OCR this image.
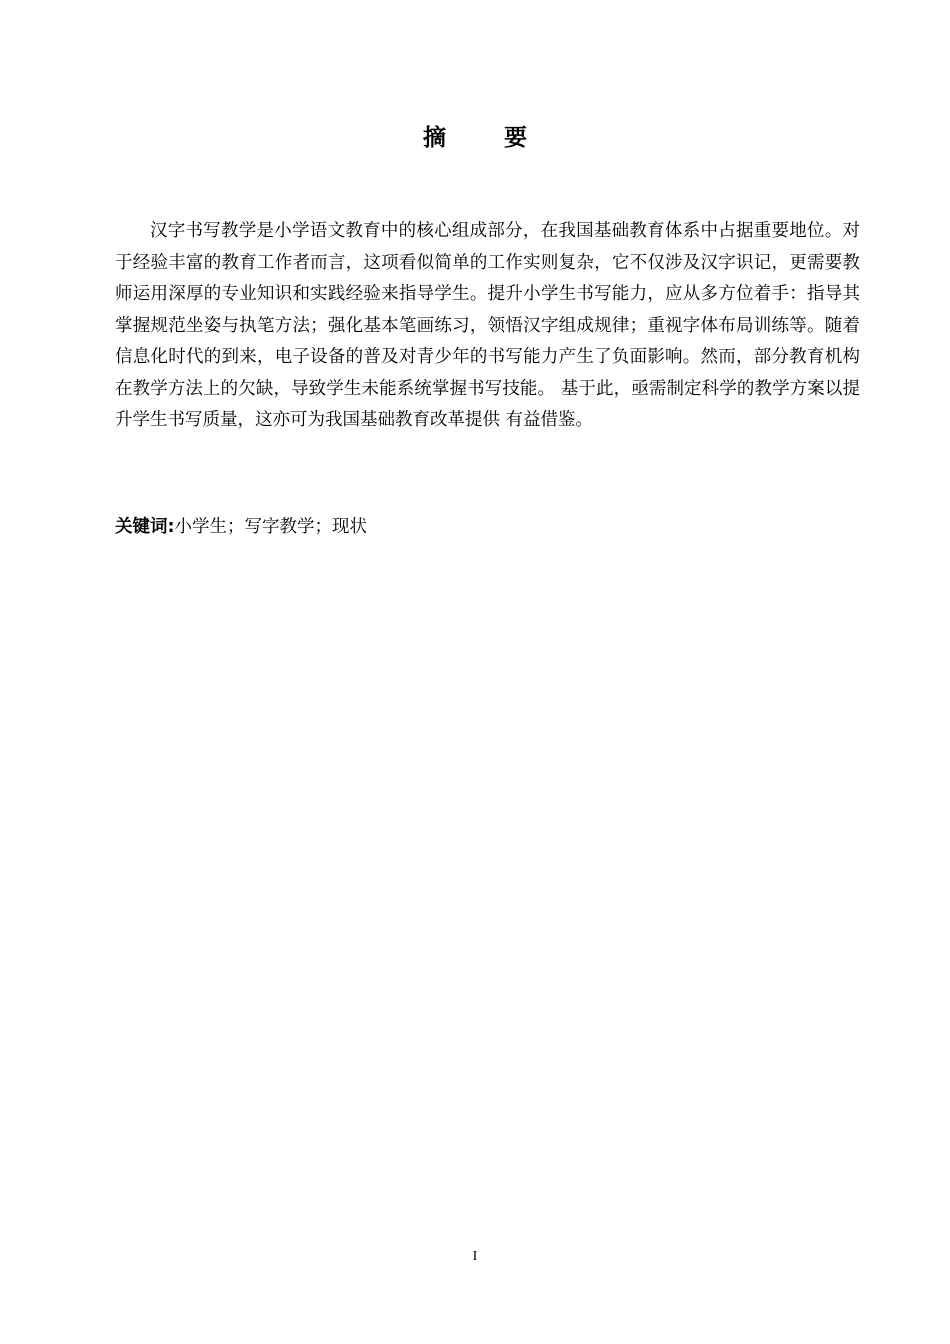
摘 要

汉字书写教学是小学语文教育中的核心组成部分，在我国基础教育体系中占据重要地位。对于经验丰富的教育工作者而言，这项看似简单的工作实则复杂，它不仅涉及汉字识记，更需要教师运用深厚的专业知识和实践经验来指导学生。提升小学生书写能力，应从多方位着手：指导其掌握规范坐姿与执笔方法；强化基本笔画练习，领悟汉字组成规律；重视字体布局训练等。随着信息化时代的到来，电子设备的普及对青少年的书写能力产生了负面影响。然而，部分教育机构在教学方法上的欠缺，导致学生未能系统掌握书写技能。 基于此，亟需制定科学的教学方案以提升学生书写质量，这亦可为我国基础教育改革提供 有益借鉴。

关键词:小学生；写字教学；现状

I
